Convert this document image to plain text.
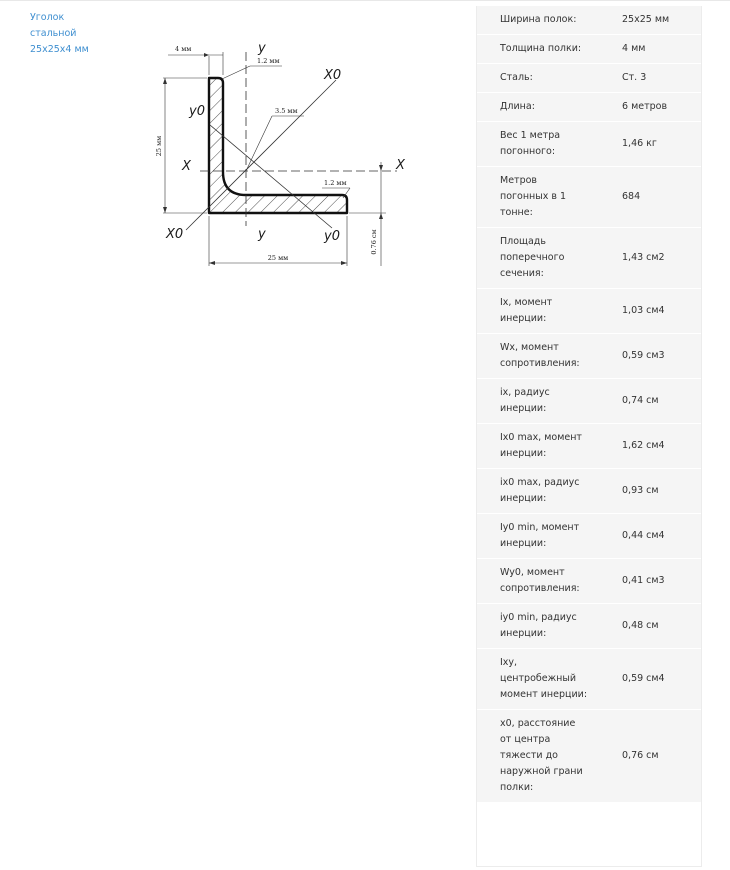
Уголок стальной 25х25х4 мм	4 мм
1.2 мм
3.5 мм
1.2 мм
25 мм
25 мм
0.76 см
y
y
X	X
X0
X0
y0
y0
Ширина полок:	25х25 мм
Толщина полки:	4 мм
Сталь:	Ст. 3
Длина:	6 метров
Вес 1 метра погонного:	1,46 кг
Метров погонных в 1 тонне:	684
Площадь поперечного сечения:	1,43 см2
Ix, момент инерции:	1,03 см4
Wx, момент сопротивления:	0,59 см3
ix, радиус инерции:	0,74 см
Ix0 max, момент инерции:	1,62 см4
ix0 max, радиус инерции:	0,93 см
Iy0 min, момент инерции:	0,44 см4
Wy0, момент сопротивления:	0,41 см3
iy0 min, радиус инерции:	0,48 см
Ixy, центробежный момент инерции:	0,59 см4
x0, расстояние от центра тяжести до наружной грани полки:	0,76 см
